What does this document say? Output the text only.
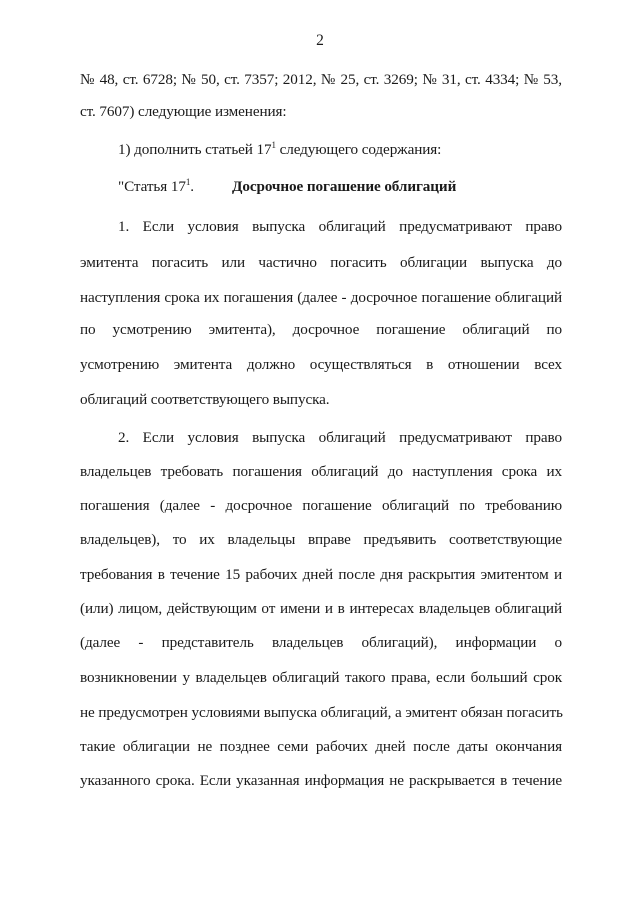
2
№ 48, ст. 6728; № 50, ст. 7357; 2012, № 25, ст. 3269; № 31, ст. 4334; № 53,
ст. 7607) следующие изменения:
1) дополнить статьей $17^1$ следующего содержания:
"Статья $17^1$.	Досрочное погашение облигаций
1. Если условия выпуска облигаций предусматривают право
эмитента погасить или частично погасить облигации выпуска до
наступления срока их погашения (далее - досрочное погашение облигаций
по усмотрению эмитента), досрочное погашение облигаций по
усмотрению эмитента должно осуществляться в отношении всех
облигаций соответствующего выпуска.
2. Если условия выпуска облигаций предусматривают право
владельцев требовать погашения облигаций до наступления срока их
погашения (далее - досрочное погашение облигаций по требованию
владельцев), то их владельцы вправе предъявить соответствующие
требования в течение 15 рабочих дней после дня раскрытия эмитентом и
(или) лицом, действующим от имени и в интересах владельцев облигаций
(далее - представитель владельцев облигаций), информации о
возникновении у владельцев облигаций такого права, если больший срок
не предусмотрен условиями выпуска облигаций, а эмитент обязан погасить
такие облигации не позднее семи рабочих дней после даты окончания
указанного срока. Если указанная информация не раскрывается в течение
